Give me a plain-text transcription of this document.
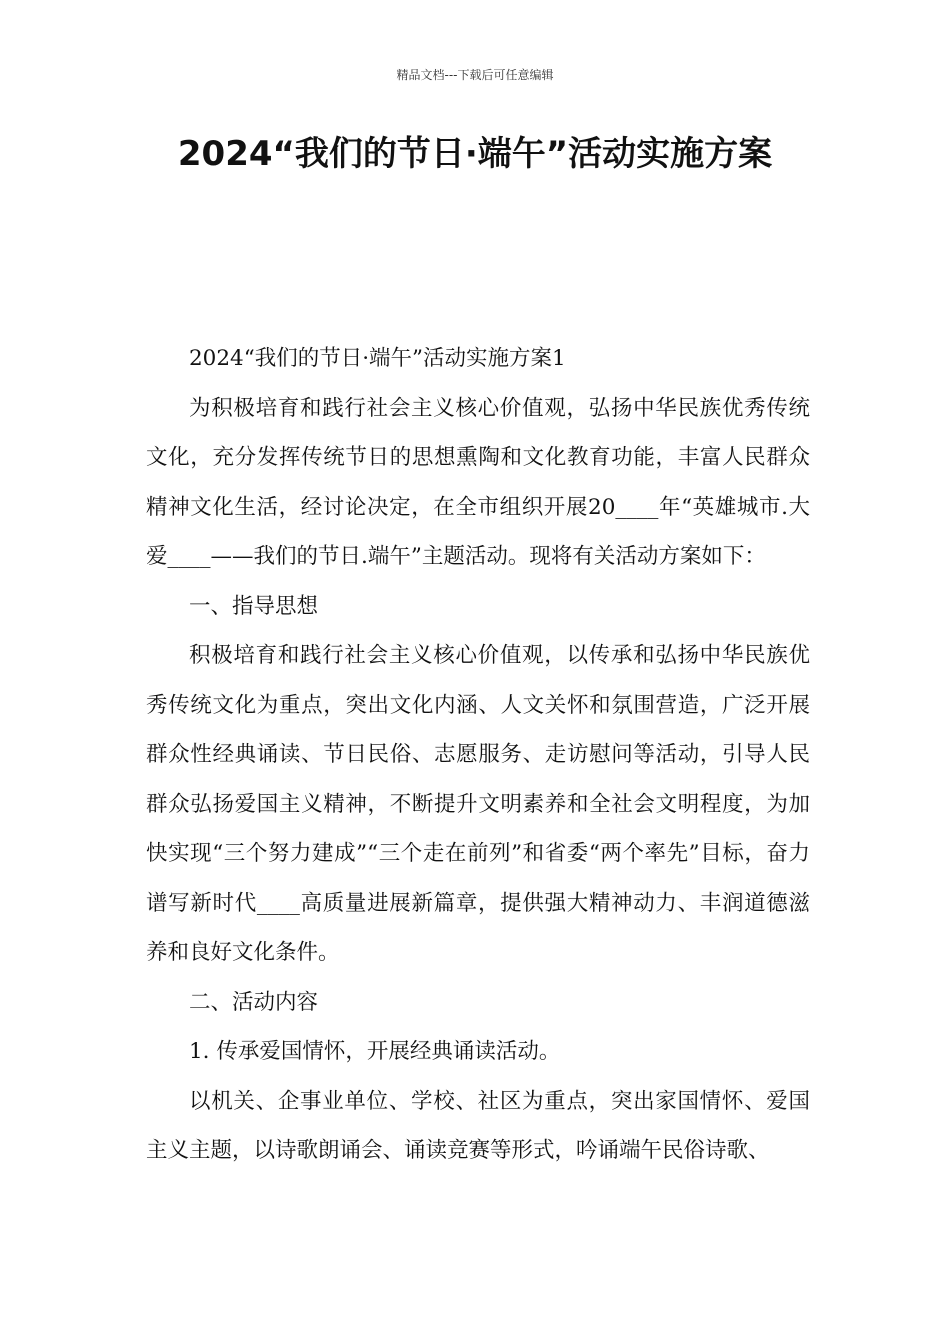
精品文档---下载后可任意编辑
2024“我们的节日·端午”活动实施方案

2024“我们的节日·端午”活动实施方案1

为积极培育和践行社会主义核心价值观，弘扬中华民族优秀传统文化，充分发挥传统节日的思想熏陶和文化教育功能，丰富人民群众精神文化生活，经讨论决定，在全市组织开展20____年“英雄城市.大爱____——我们的节日.端午”主题活动。现将有关活动方案如下：

一、指导思想

积极培育和践行社会主义核心价值观，以传承和弘扬中华民族优秀传统文化为重点，突出文化内涵、人文关怀和氛围营造，广泛开展群众性经典诵读、节日民俗、志愿服务、走访慰问等活动，引导人民群众弘扬爱国主义精神，不断提升文明素养和全社会文明程度，为加快实现“三个努力建成”“三个走在前列”和省委“两个率先”目标，奋力谱写新时代____高质量进展新篇章，提供强大精神动力、丰润道德滋养和良好文化条件。

二、活动内容

1. 传承爱国情怀，开展经典诵读活动。

以机关、企事业单位、学校、社区为重点，突出家国情怀、爱国主义主题，以诗歌朗诵会、诵读竞赛等形式，吟诵端午民俗诗歌、
